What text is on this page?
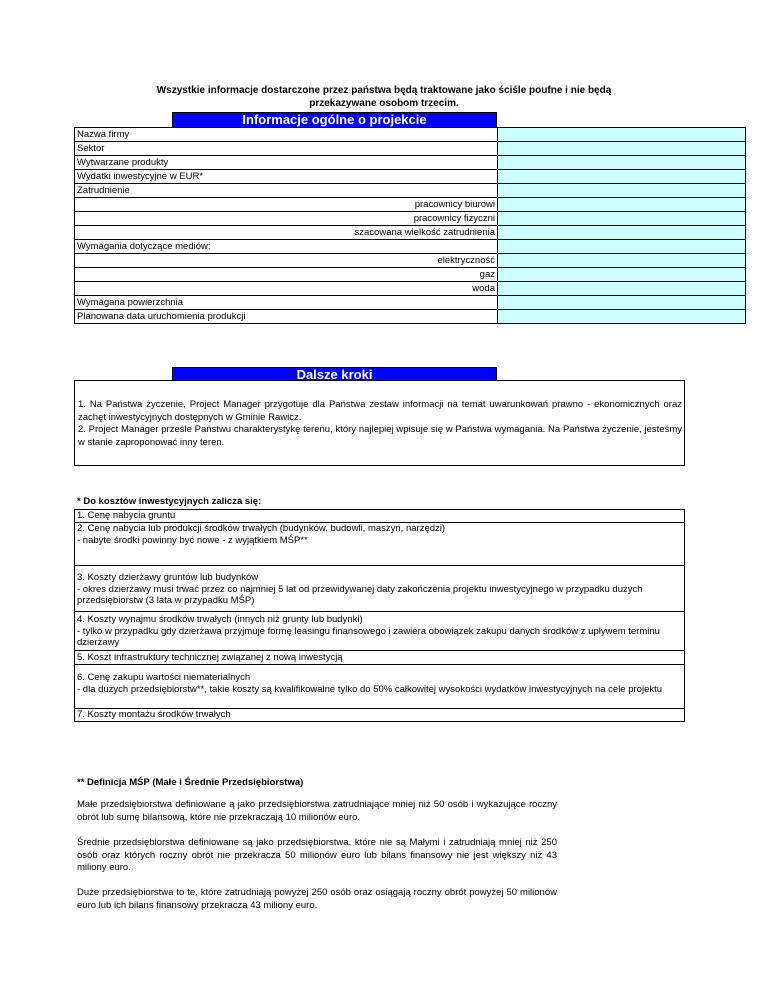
Wszystkie informacje dostarczone przez państwa będą traktowane jako ściśle poufne i nie będą przekazywane osobom trzecim.
Informacje ogólne o projekcie
Nazwa firmy	
Sektor	
Wytwarzane produkty	
Wydatki inwestycyjne w EUR*	
Zatrudnienie	
pracownicy biurowi	
pracownicy fizyczni	
szacowana wielkość zatrudnienia	
Wymagania dotyczące mediów:	
elektryczność	
gaz	
woda	
Wymagana powierzchnia	
Planowana data uruchomienia produkcji	
Dalsze kroki
1. Na Państwa życzenie, Project Manager przygotuje dla Państwa zestaw informacji na temat uwarunkowań prawno - ekonomicznych oraz zachęt inwestycyjnych dostępnych w Gminie Rawicz.
2. Project Manager prześle Państwu charakterystykę terenu, który najlepiej wpisuje się w Państwa wymagania. Na Państwa życzenie, jesteśmy w stanie zaproponować inny teren.
* Do kosztów inwestycyjnych zalicza się:
1. Cenę nabycia gruntu
2. Cenę nabycia lub produkcji środków trwałych (budynków, budowli, maszyn, narzędzi)
- nabyte środki powinny być nowe - z wyjątkiem MŚP**
3. Koszty dzierżawy gruntów lub budynków
- okres dzierżawy musi trwać przez co najmniej 5 lat od przewidywanej daty zakończenia projektu inwestycyjnego w przypadku dużych przedsiębiorstw (3 lata w przypadku MŚP)
4. Koszty wynajmu środków trwałych (innych niż grunty lub budynki)
- tylko w przypadku gdy dzierżawa przyjmuje formę leasingu finansowego i zawiera obowiązek zakupu danych środków z upływem terminu dzierżawy
5. Koszt infrastruktury technicznej związanej z nową inwestycją
6. Cenę zakupu wartości niematerialnych
- dla dużych przedsiębiorstw**, takie koszty są kwalifikowalne tylko do 50% całkowitej wysokości wydatków inwestycyjnych na cele projektu
7. Koszty montażu środków trwałych
** Definicja MŚP (Małe i Średnie Przedsiębiorstwa)
Małe przedsiębiorstwa definiowane ą jako przedsiębiorstwa zatrudniające mniej niż 50 osób i wykazujące roczny obrót lub sumę bilansową, które nie przekraczają 10 milionów euro.
Średnie przedsiębiorstwa definiowane są jako przedsiębiorstwa, które nie są Małymi i zatrudniają mniej niż 250 osób oraz których roczny obrót nie przekracza 50 milionów euro lub bilans finansowy nie jest większy niż 43 miliony euro.
Duże przedsiębiorstwa to te, które zatrudniają powyżej 250 osób oraz osiągają roczny obrót powyżej 50 milionów euro lub ich bilans finansowy przekracza 43 miliony euro.
